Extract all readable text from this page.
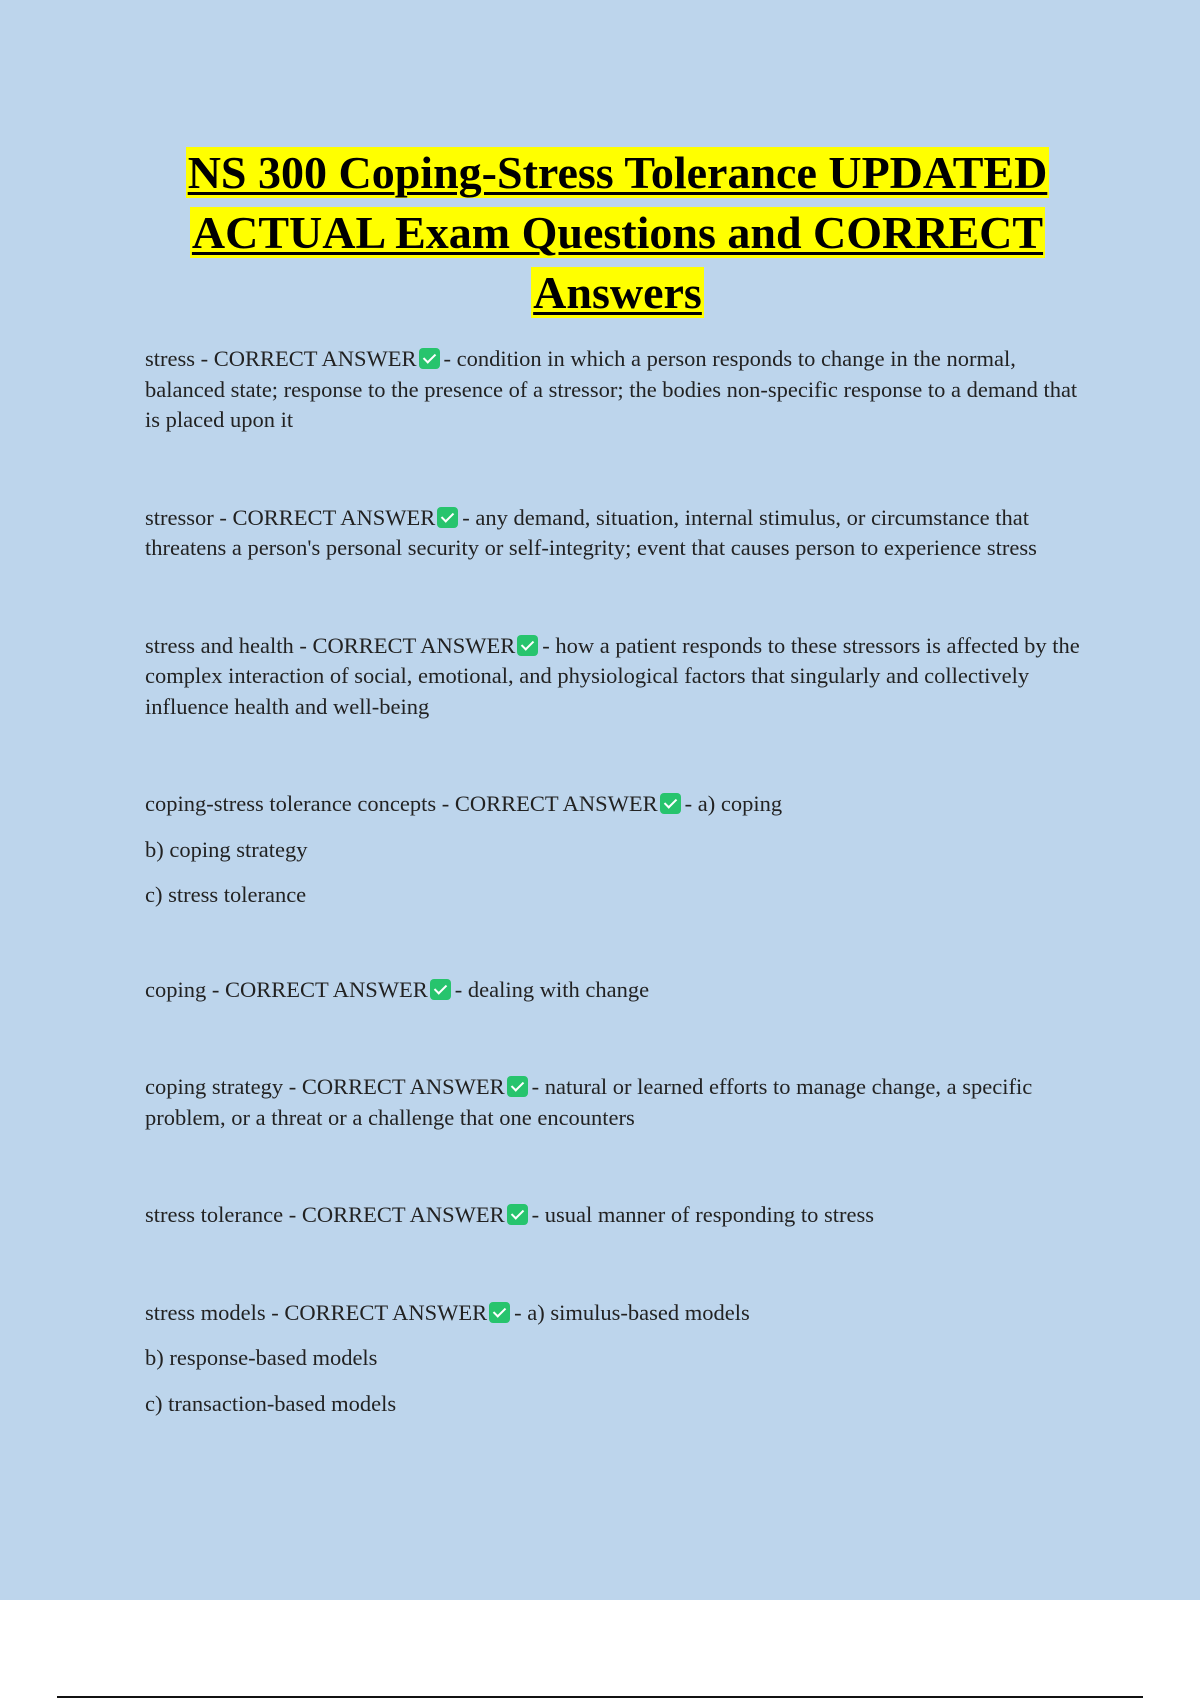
NS 300 Coping-Stress Tolerance UPDATED ACTUAL Exam Questions and CORRECT Answers

stress - CORRECT ANSWER - condition in which a person responds to change in the normal, balanced state; response to the presence of a stressor; the bodies non-specific response to a demand that is placed upon it

stressor - CORRECT ANSWER - any demand, situation, internal stimulus, or circumstance that threatens a person's personal security or self-integrity; event that causes person to experience stress

stress and health - CORRECT ANSWER - how a patient responds to these stressors is affected by the complex interaction of social, emotional, and physiological factors that singularly and collectively influence health and well-being

coping-stress tolerance concepts - CORRECT ANSWER - a) coping

b) coping strategy

c) stress tolerance

coping - CORRECT ANSWER - dealing with change

coping strategy - CORRECT ANSWER - natural or learned efforts to manage change, a specific problem, or a threat or a challenge that one encounters

stress tolerance - CORRECT ANSWER - usual manner of responding to stress

stress models - CORRECT ANSWER - a) simulus-based models

b) response-based models

c) transaction-based models
